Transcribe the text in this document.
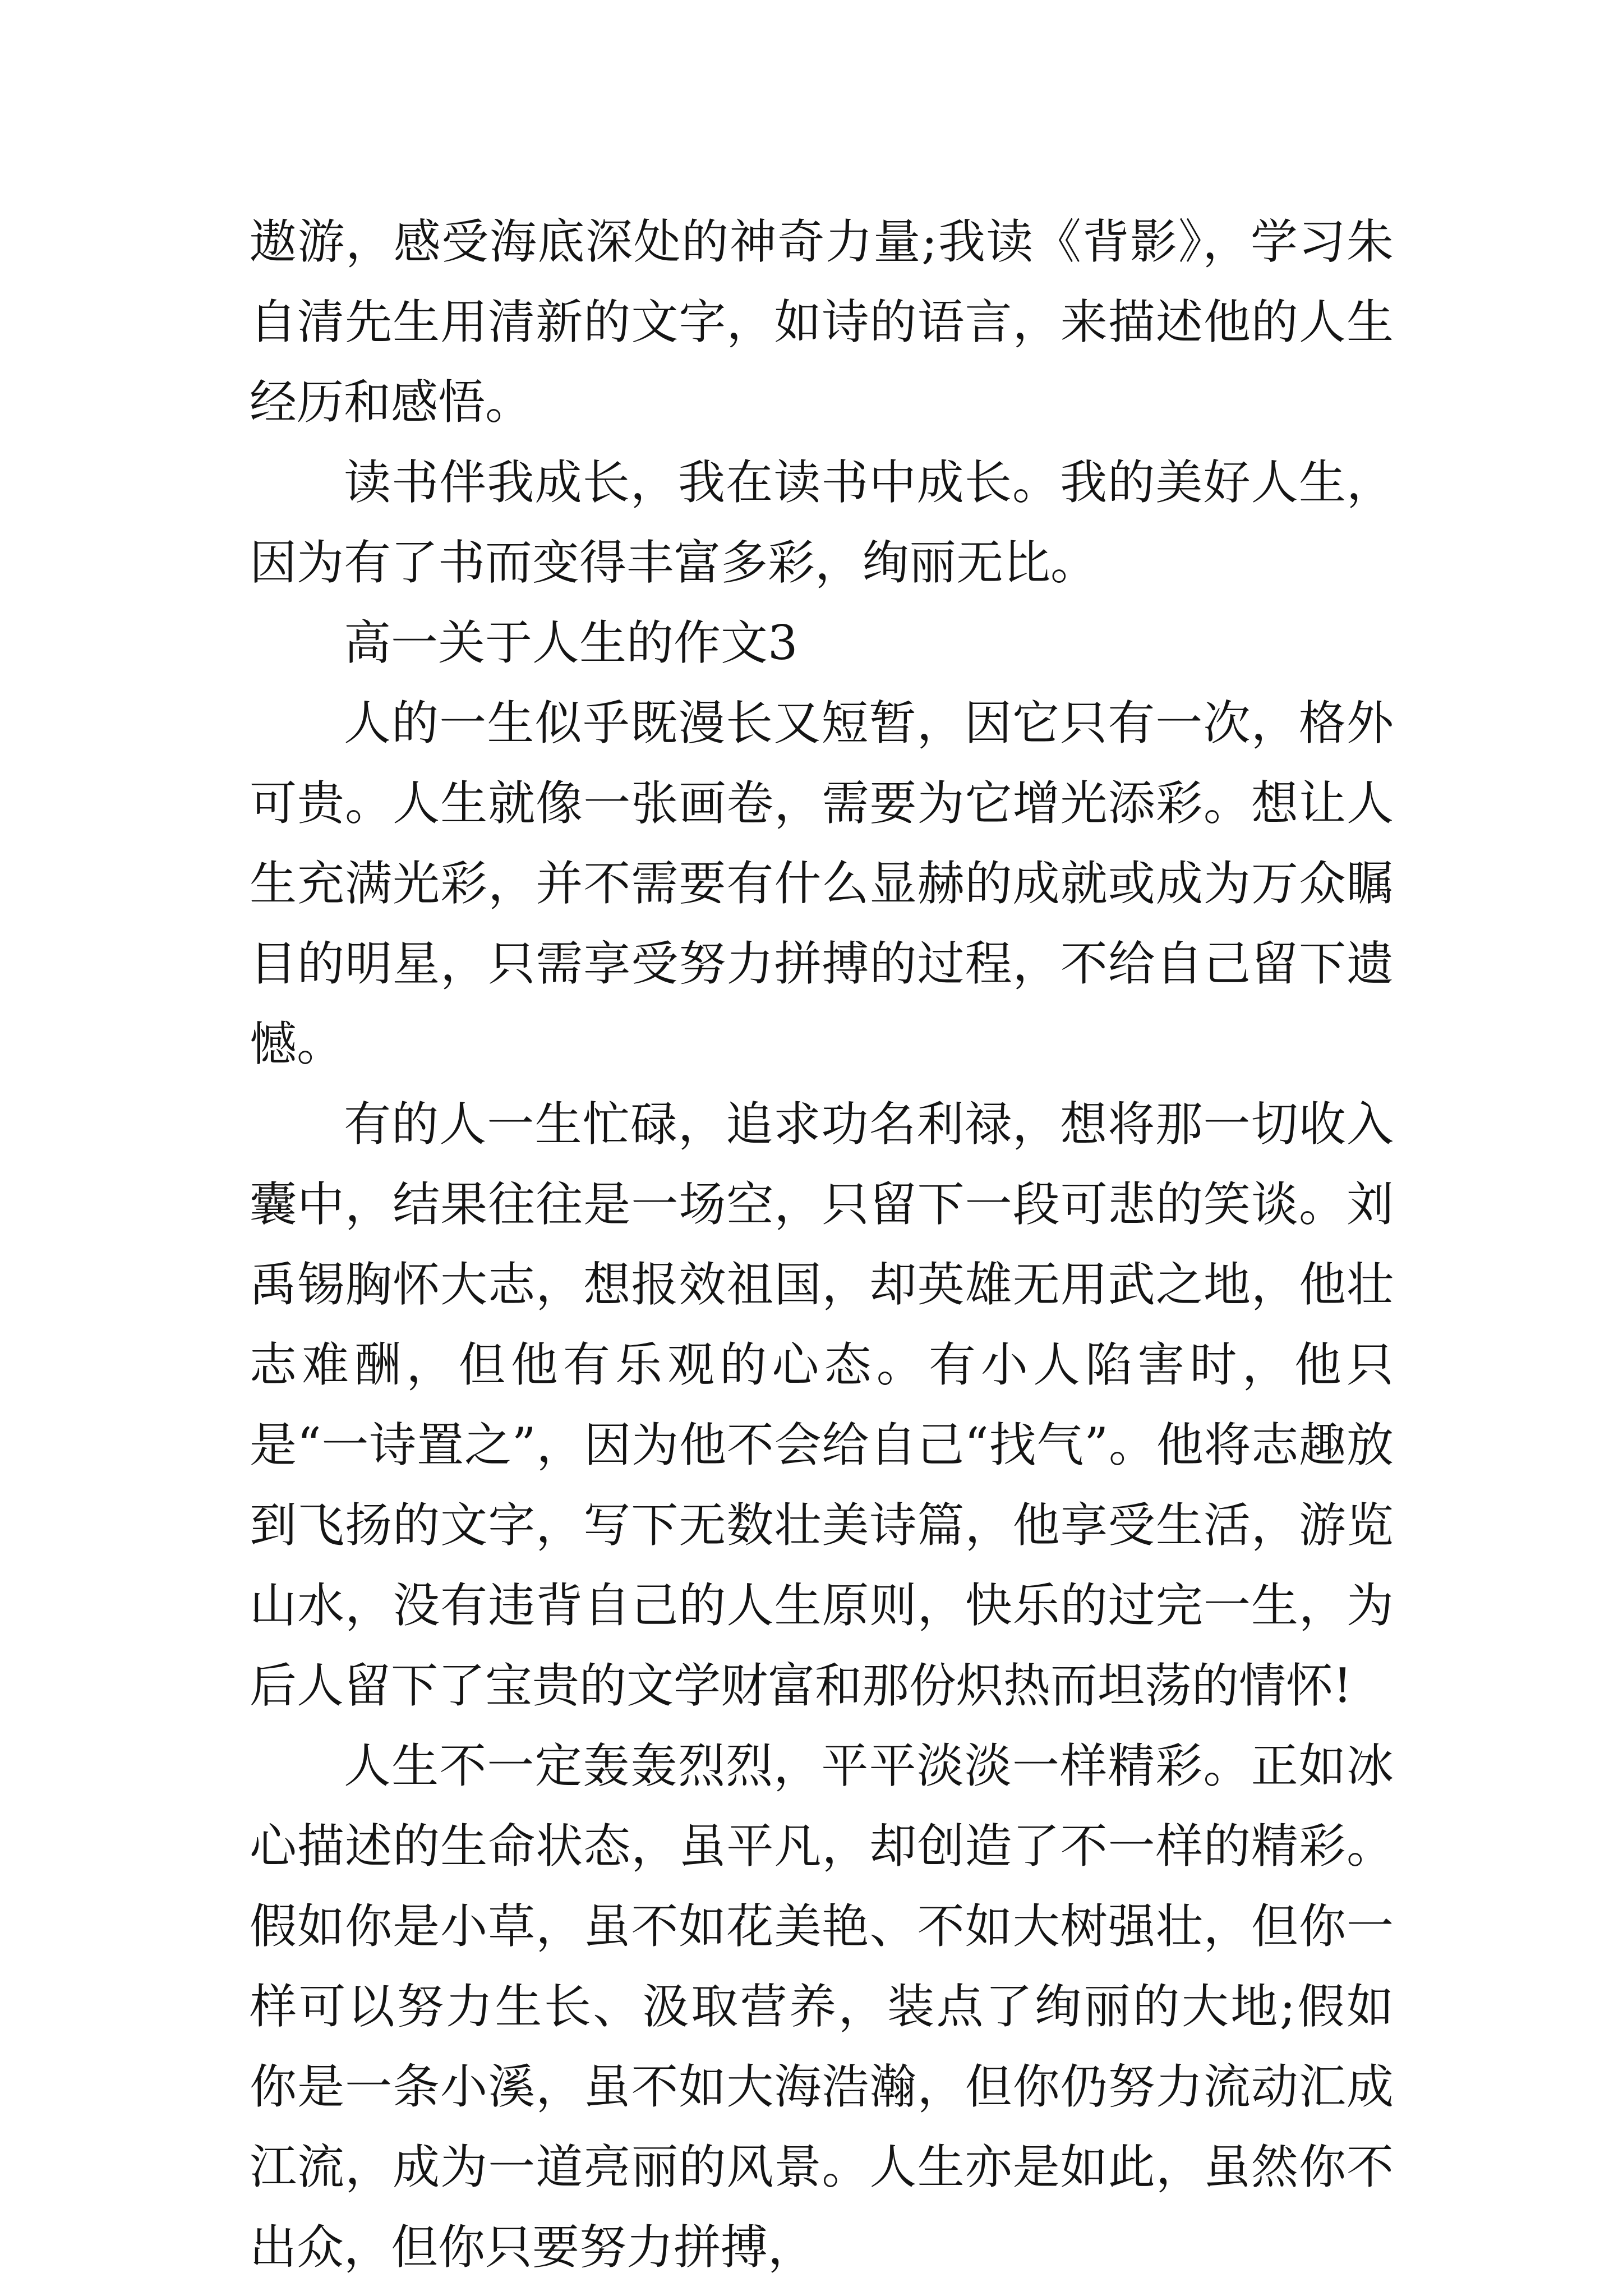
遨游，感受海底深处的神奇力量;我读《背影》，学习朱自清先生用清新的文字，如诗的语言，来描述他的人生经历和感悟。

读书伴我成长，我在读书中成长。我的美好人生，因为有了书而变得丰富多彩，绚丽无比。

高一关于人生的作文3

人的一生似乎既漫长又短暂，因它只有一次，格外可贵。人生就像一张画卷，需要为它增光添彩。想让人生充满光彩，并不需要有什么显赫的成就或成为万众瞩目的明星，只需享受努力拼搏的过程，不给自己留下遗憾。

有的人一生忙碌，追求功名利禄，想将那一切收入囊中，结果往往是一场空，只留下一段可悲的笑谈。刘禹锡胸怀大志，想报效祖国，却英雄无用武之地，他壮志难酬，但他有乐观的心态。有小人陷害时，他只是“一诗置之”，因为他不会给自己“找气”。他将志趣放到飞扬的文字，写下无数壮美诗篇，他享受生活，游览山水，没有违背自己的人生原则，快乐的过完一生，为后人留下了宝贵的文学财富和那份炽热而坦荡的情怀!

人生不一定轰轰烈烈，平平淡淡一样精彩。正如冰心描述的生命状态，虽平凡，却创造了不一样的精彩。假如你是小草，虽不如花美艳、不如大树强壮，但你一样可以努力生长、汲取营养，装点了绚丽的大地;假如你是一条小溪，虽不如大海浩瀚，但你仍努力流动汇成江流，成为一道亮丽的风景。人生亦是如此，虽然你不出众，但你只要努力拼搏，
